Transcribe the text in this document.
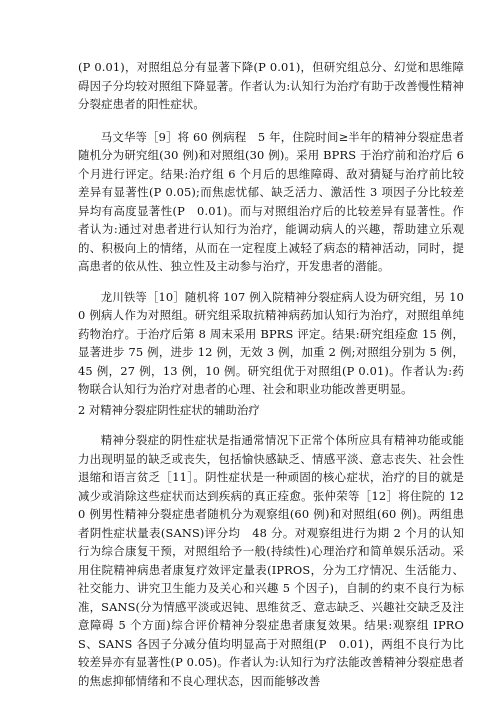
(P 0.01)，对照组总分有显著下降(P 0.01)，但研究组总分、幻觉和思维障碍因子分均较对照组下降显著。作者认为:认知行为治疗有助于改善慢性精神分裂症患者的阳性症状。

马文华等［9］将 60 例病程　5 年，住院时间≥半年的精神分裂症患者随机分为研究组(30 例)和对照组(30 例)。采用 BPRS 于治疗前和治疗后 6 个月进行评定。结果:治疗组 6 个月后的思维障碍、敌对猜疑与治疗前比较差异有显著性(P 0.05);而焦虑忧郁、缺乏活力、激活性 3 项因子分比较差异均有高度显著性(P　0.01)。而与对照组治疗后的比较差异有显著性。作者认为:通过对患者进行认知行为治疗，能调动病人的兴趣，帮助建立乐观的、积极向上的情绪，从而在一定程度上减轻了病态的精神活动，同时，提高患者的依从性、独立性及主动参与治疗，开发患者的潜能。

龙川铁等［10］随机将 107 例入院精神分裂症病人设为研究组，另 100 例病人作为对照组。研究组采取抗精神病药加认知行为治疗，对照组单纯药物治疗。于治疗后第 8 周末采用 BPRS 评定。结果:研究组痊愈 15 例，显著进步 75 例，进步 12 例，无效 3 例，加重 2 例;对照组分别为 5 例，45 例，27 例，13 例，10 例。研究组优于对照组(P 0.01)。作者认为:药物联合认知行为治疗对患者的心理、社会和职业功能改善更明显。

2 对精神分裂症阴性症状的辅助治疗

精神分裂症的阴性症状是指通常情况下正常个体所应具有精神功能或能力出现明显的缺乏或丧失，包括愉快感缺乏、情感平淡、意志丧失、社会性退缩和语言贫乏［11］。阴性症状是一种顽固的核心症状，治疗的目的就是减少或消除这些症状而达到疾病的真正痊愈。张仲荣等［12］将住院的 120 例男性精神分裂症患者随机分为观察组(60 例)和对照组(60 例)。两组患者阴性症状量表(SANS)评分均　48 分。对观察组进行为期 2 个月的认知行为综合康复干预，对照组给予一般(持续性)心理治疗和简单娱乐活动。采用住院精神病患者康复疗效评定量表(IPROS，分为工疗情况、生活能力、社交能力、讲究卫生能力及关心和兴趣 5 个因子)，自制的约束不良行为标准，SANS(分为情感平淡或迟钝、思维贫乏、意志缺乏、兴趣社交缺乏及注意障碍 5 个方面)综合评价精神分裂症患者康复效果。结果:观察组 IPROS、SANS 各因子分减分值均明显高于对照组(P　0.01)，两组不良行为比较差异亦有显著性(P 0.05)。作者认为:认知行为疗法能改善精神分裂症患者的焦虑抑郁情绪和不良心理状态，因而能够改善
